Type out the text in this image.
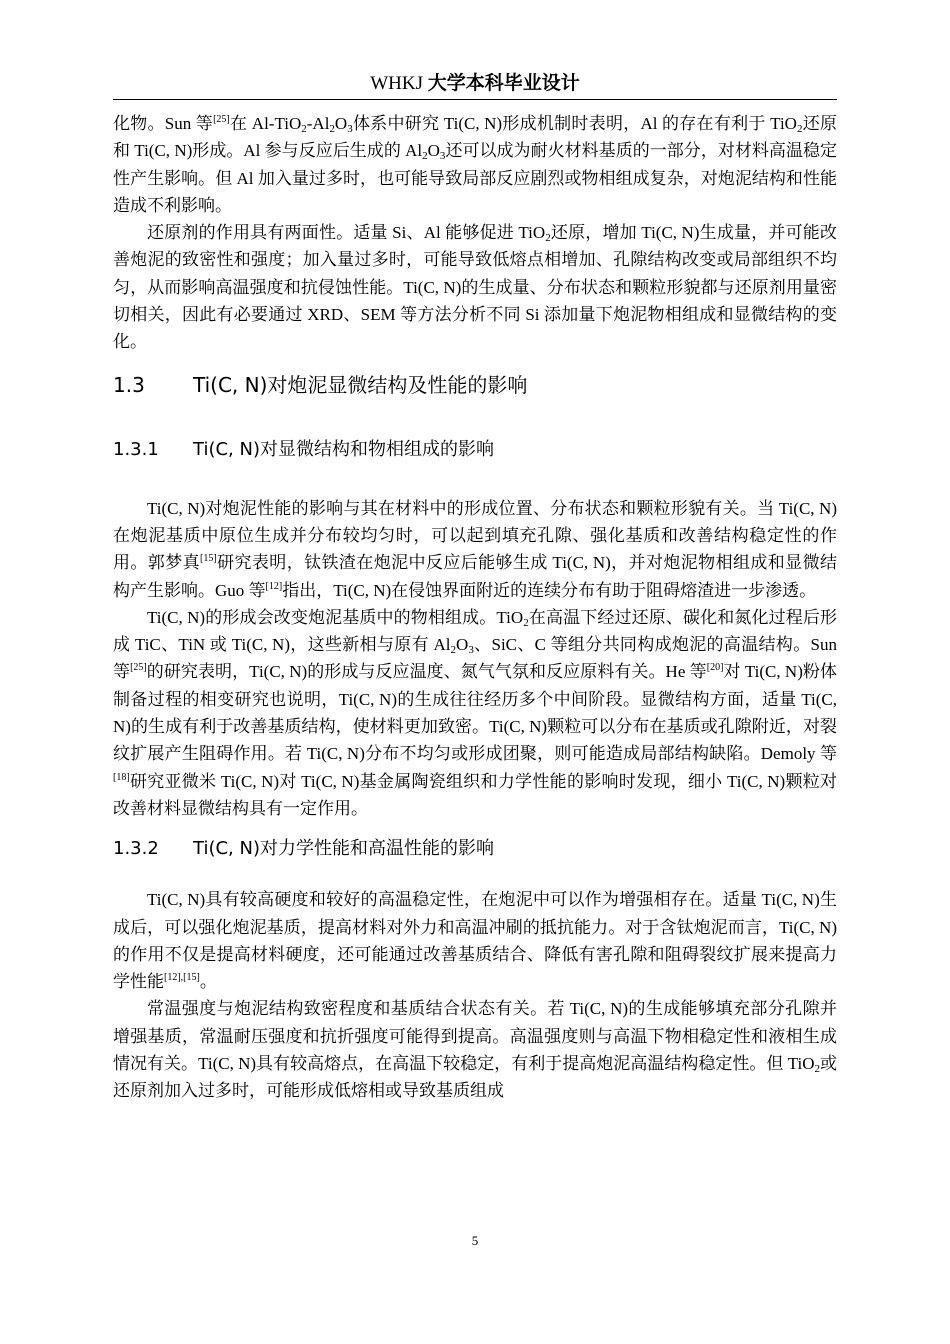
WHKJ 大学本科毕业设计

化物。Sun 等[25]在 $Al-TiO_2-Al_2O_3$体系中研究 Ti(C, N)形成机制时表明，Al 的存在有利于 TiO$_2$还原和 Ti(C, N)形成。Al 参与反应后生成的 $Al_2O_3$还可以成为耐火材料基质的一部分，对材料高温稳定性产生影响。但 Al 加入量过多时，也可能导致局部反应剧烈或物相组成复杂，对炮泥结构和性能造成不利影响。

还原剂的作用具有两面性。适量 Si、Al 能够促进 TiO$_2$还原，增加 Ti(C, N)生成量，并可能改善炮泥的致密性和强度；加入量过多时，可能导致低熔点相增加、孔隙结构改变或局部组织不均匀，从而影响高温强度和抗侵蚀性能。Ti(C, N)的生成量、分布状态和颗粒形貌都与还原剂用量密切相关，因此有必要通过 XRD、SEM 等方法分析不同 Si 添加量下炮泥物相组成和显微结构的变化。

1.3	Ti(C, N)对炮泥显微结构及性能的影响
1.3.1	Ti(C, N)对显微结构和物相组成的影响

Ti(C, N)对炮泥性能的影响与其在材料中的形成位置、分布状态和颗粒形貌有关。当 Ti(C, N)在炮泥基质中原位生成并分布较均匀时，可以起到填充孔隙、强化基质和改善结构稳定性的作用。郭梦真[15]研究表明，钛铁渣在炮泥中反应后能够生成 Ti(C, N)，并对炮泥物相组成和显微结构产生影响。Guo 等[12]指出，Ti(C, N)在侵蚀界面附近的连续分布有助于阻碍熔渣进一步渗透。

Ti(C, N)的形成会改变炮泥基质中的物相组成。TiO$_2$在高温下经过还原、碳化和氮化过程后形成 TiC、TiN 或 Ti(C, N)，这些新相与原有 $Al_2O_3$、SiC、C 等组分共同构成炮泥的高温结构。Sun 等[25]的研究表明，Ti(C, N)的形成与反应温度、氮气气氛和反应原料有关。He 等[20]对 Ti(C, N)粉体制备过程的相变研究也说明，Ti(C, N)的生成往往经历多个中间阶段。显微结构方面，适量 Ti(C, N)的生成有利于改善基质结构，使材料更加致密。Ti(C, N)颗粒可以分布在基质或孔隙附近，对裂纹扩展产生阻碍作用。若 Ti(C, N)分布不均匀或形成团聚，则可能造成局部结构缺陷。Demoly 等[18]研究亚微米 Ti(C, N)对 Ti(C, N)基金属陶瓷组织和力学性能的影响时发现，细小 Ti(C, N)颗粒对改善材料显微结构具有一定作用。

1.3.2	Ti(C, N)对力学性能和高温性能的影响

Ti(C, N)具有较高硬度和较好的高温稳定性，在炮泥中可以作为增强相存在。适量 Ti(C, N)生成后，可以强化炮泥基质，提高材料对外力和高温冲刷的抵抗能力。对于含钛炮泥而言，Ti(C, N)的作用不仅是提高材料硬度，还可能通过改善基质结合、降低有害孔隙和阻碍裂纹扩展来提高力学性能[12],[15]。

常温强度与炮泥结构致密程度和基质结合状态有关。若 Ti(C, N)的生成能够填充部分孔隙并增强基质，常温耐压强度和抗折强度可能得到提高。高温强度则与高温下物相稳定性和液相生成情况有关。Ti(C, N)具有较高熔点，在高温下较稳定，有利于提高炮泥高温结构稳定性。但 TiO$_2$或还原剂加入过多时，可能形成低熔相或导致基质组成

5
